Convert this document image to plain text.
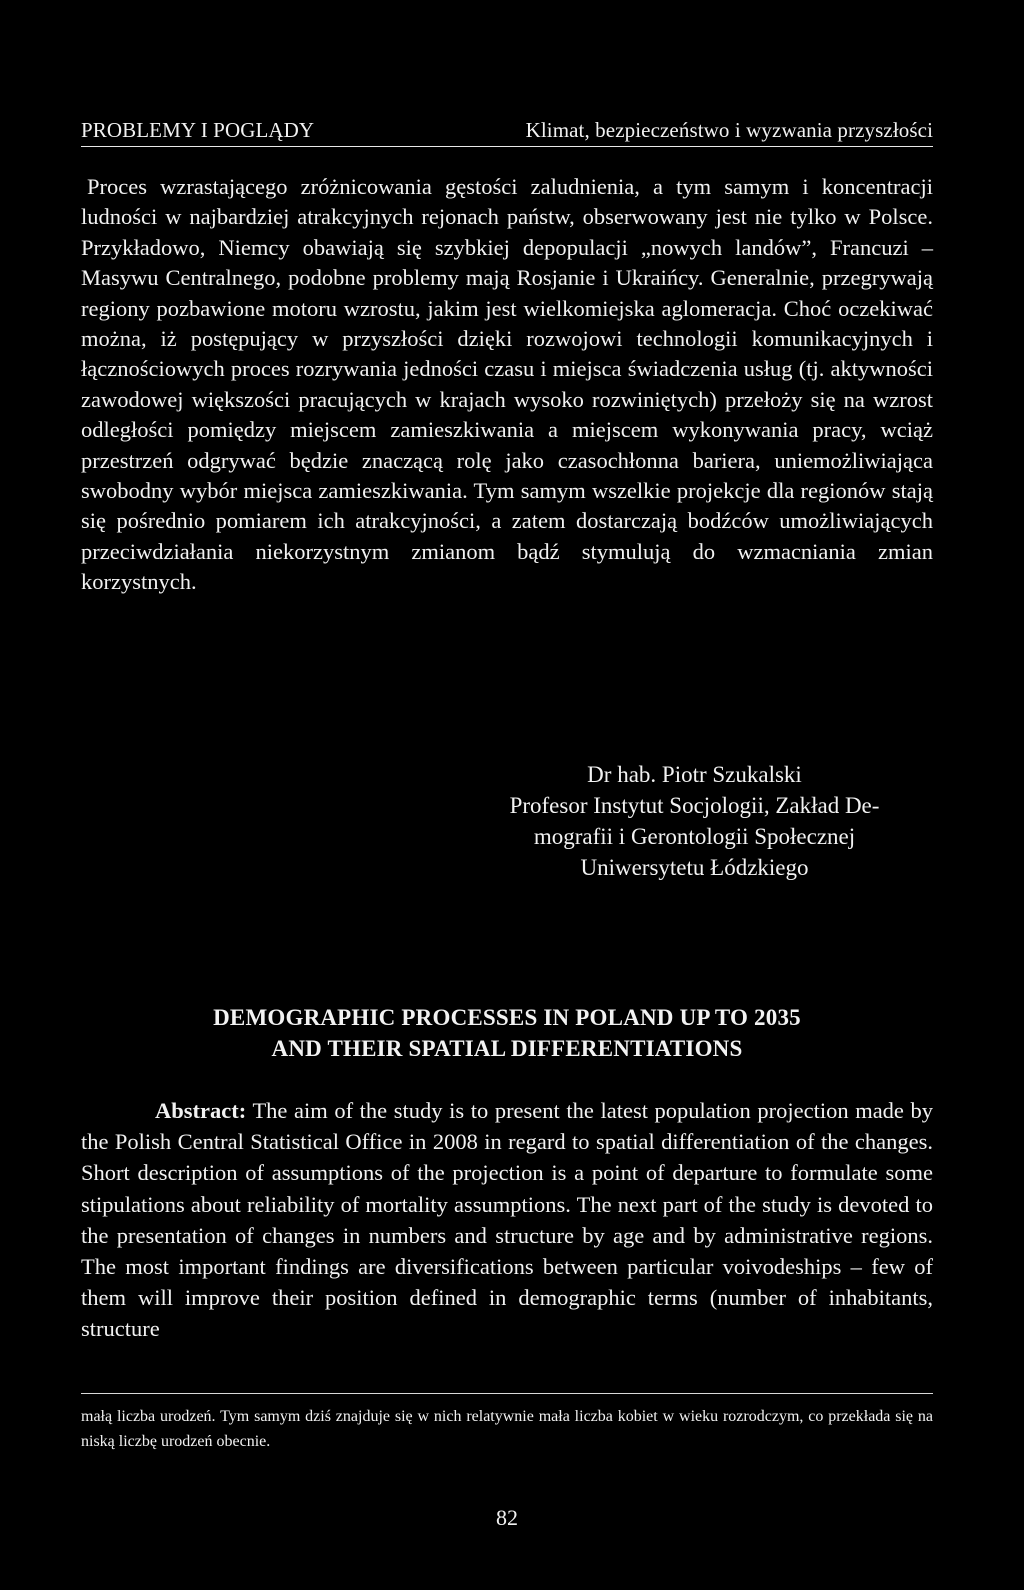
PROBLEMY I POGLĄDY	Klimat, bezpieczeństwo i wyzwania przyszłości

Proces wzrastającego zróżnicowania gęstości zaludnienia, a tym samym i koncentracji ludności w najbardziej atrakcyjnych rejonach państw, obserwowany jest nie tylko w Polsce. Przykładowo, Niemcy obawiają się szybkiej depopulacji „nowych landów”, Francuzi – Masywu Centralnego, podobne problemy mają Rosjanie i Ukraińcy. Generalnie, przegrywają regiony pozbawione motoru wzrostu, jakim jest wielkomiejska aglomeracja. Choć oczekiwać można, iż postępujący w przyszłości dzięki rozwojowi technologii komunikacyjnych i łącznościowych proces rozrywania jedności czasu i miejsca świadczenia usług (tj. aktywności zawodowej większości pracujących w krajach wysoko rozwiniętych) przełoży się na wzrost odległości pomiędzy miejscem zamieszkiwania a miejscem wykonywania pracy, wciąż przestrzeń odgrywać będzie znaczącą rolę jako czasochłonna bariera, uniemożliwiająca swobodny wybór miejsca zamieszkiwania. Tym samym wszelkie projekcje dla regionów stają się pośrednio pomiarem ich atrakcyjności, a zatem dostarczają bodźców umożliwiających przeciwdziałania niekorzystnym zmianom bądź stymulują do wzmacniania zmian korzystnych.

Dr hab. Piotr Szukalski
Profesor Instytut Socjologii, Zakład De-
mografii i Gerontologii Społecznej
Uniwersytetu Łódzkiego
DEMOGRAPHIC PROCESSES IN POLAND UP TO 2035
AND THEIR SPATIAL DIFFERENTIATIONS

Abstract: The aim of the study is to present the latest population projection made by the Polish Central Statistical Office in 2008 in regard to spatial differentiation of the changes. Short description of assumptions of the projection is a point of departure to formulate some stipulations about reliability of mortality assumptions. The next part of the study is devoted to the presentation of changes in numbers and structure by age and by administrative regions. The most important findings are diversifications between particular voivodeships – few of them will improve their position defined in demographic terms (number of inhabitants, structure

małą liczba urodzeń. Tym samym dziś znajduje się w nich relatywnie mała liczba kobiet w wieku rozrodczym, co przekłada się na niską liczbę urodzeń obecnie.

82
